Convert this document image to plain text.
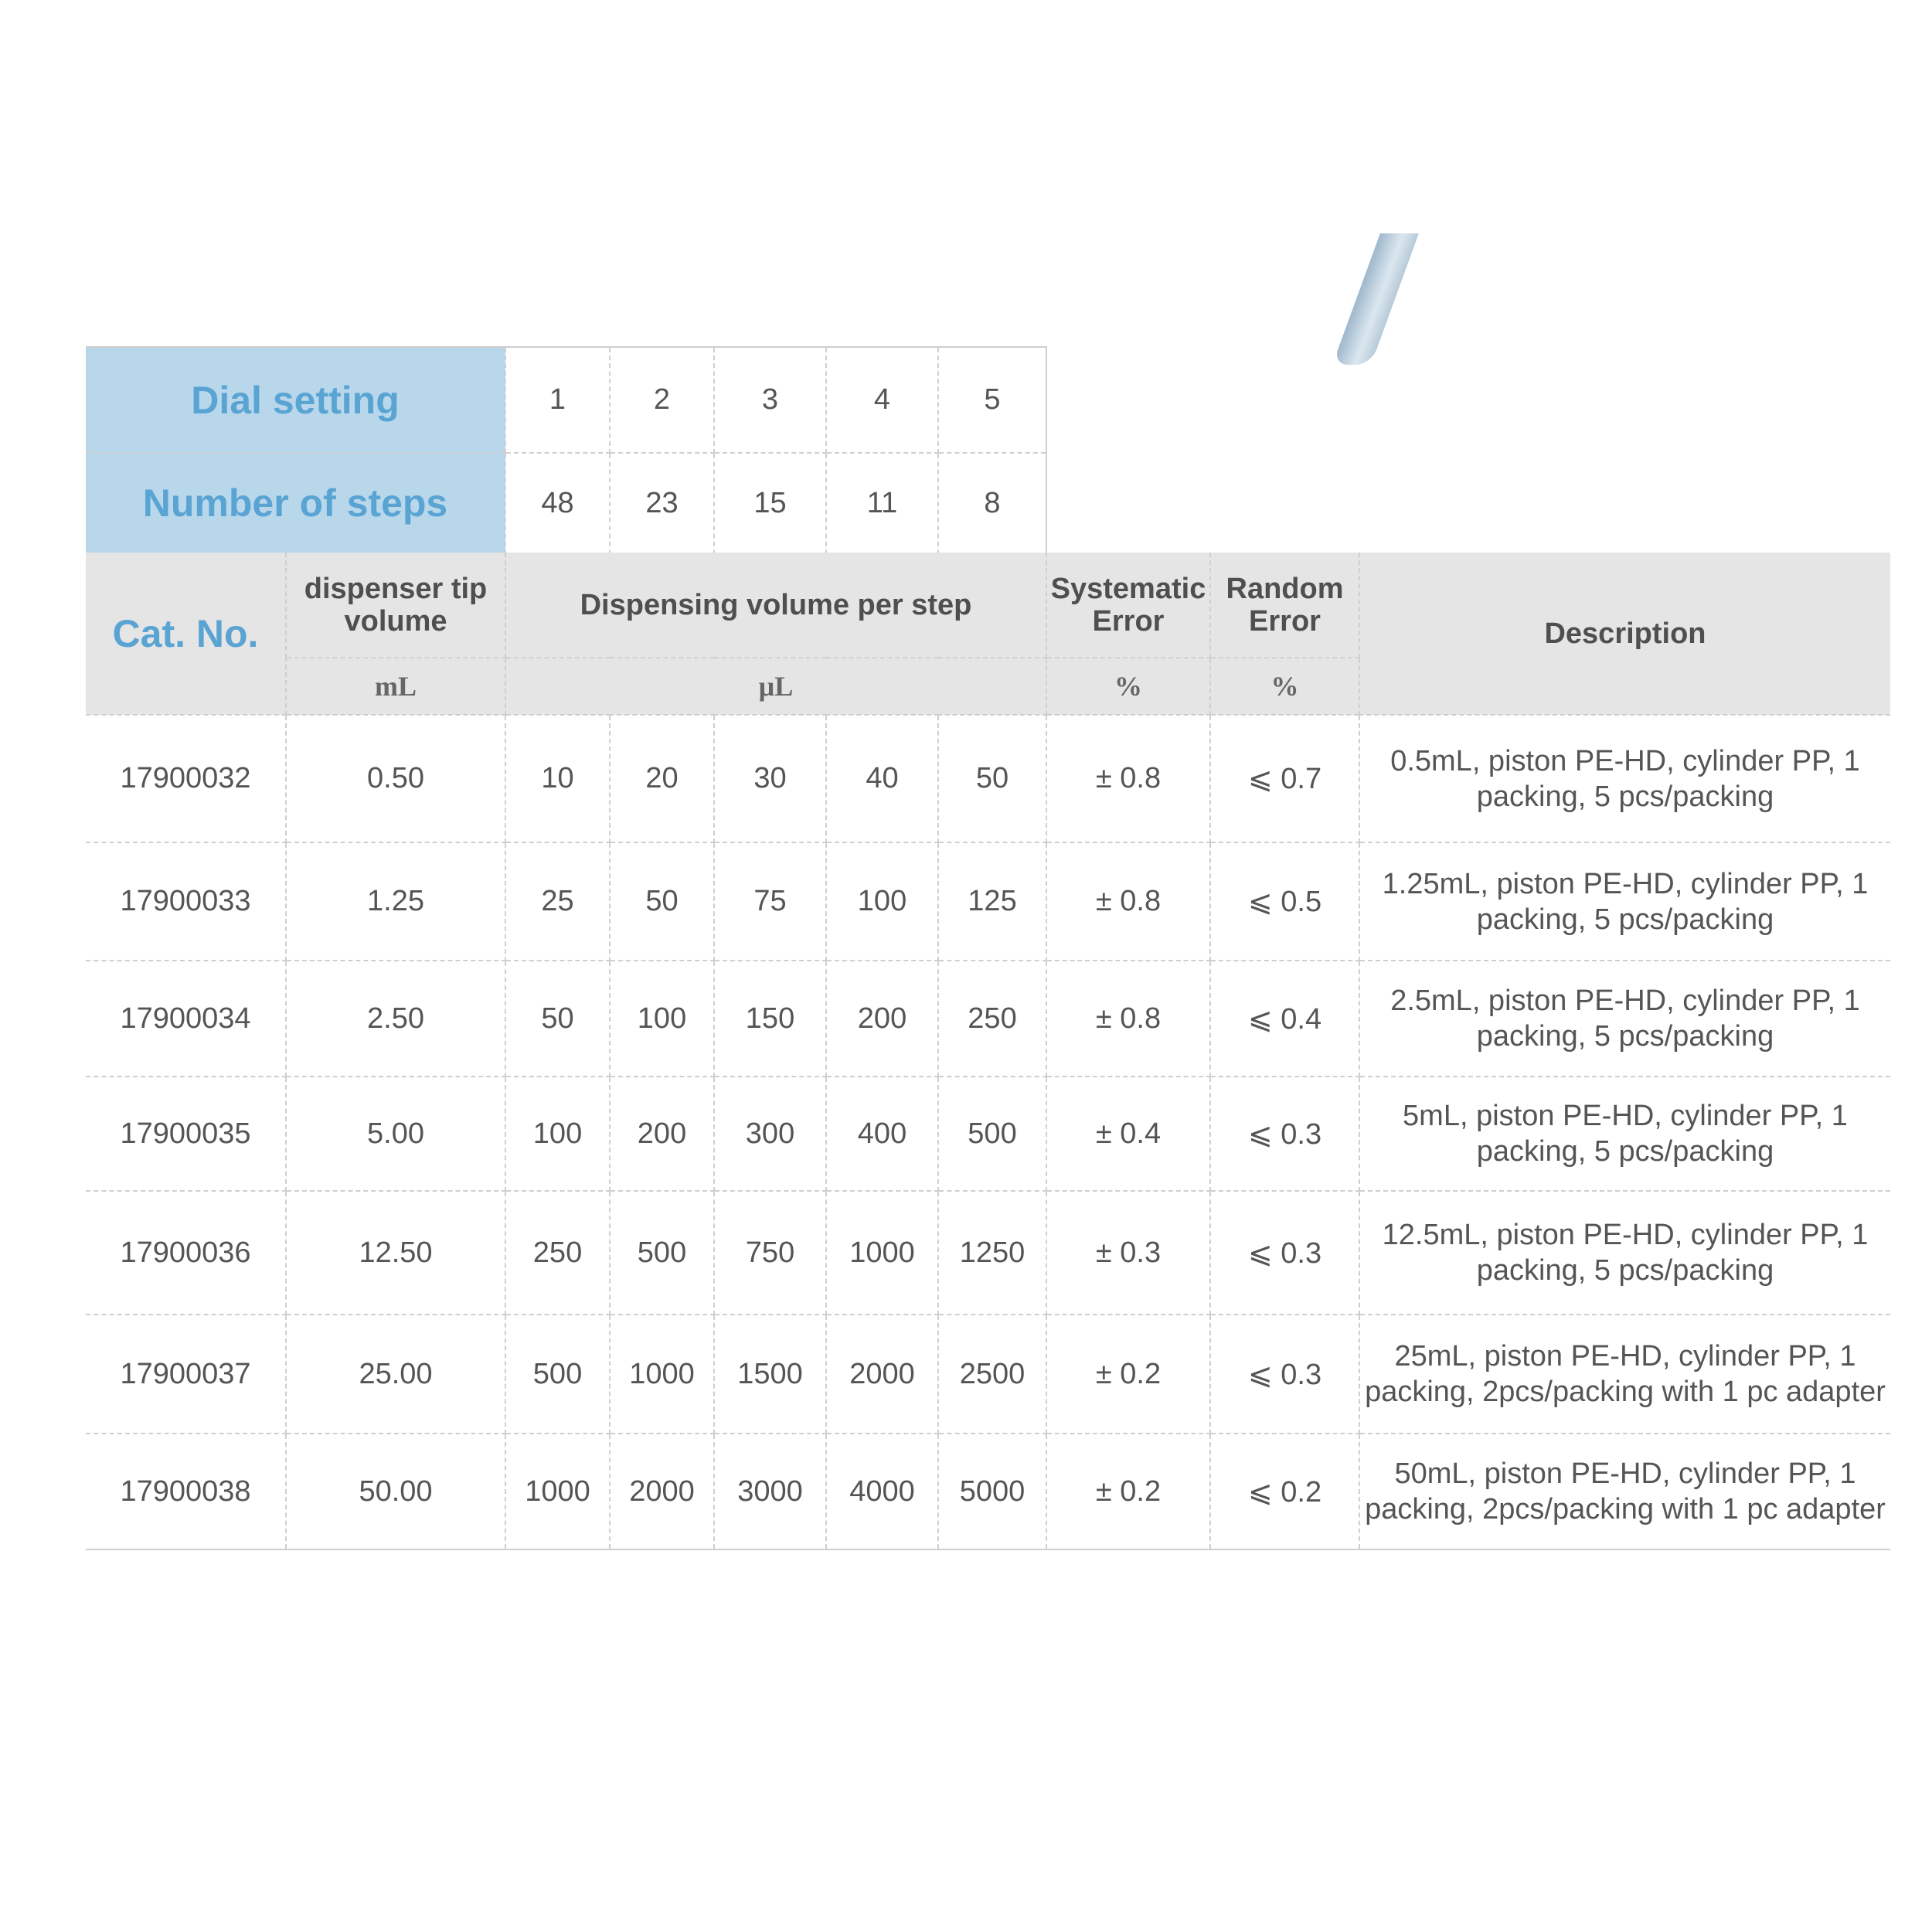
Dial setting	1	2	3	4	5
Number of steps	48	23	15	11	8
Cat. No.	dispenser tip volume	Dispensing volume per step					Systematic Error	Random Error	Description
	mL	μL					%	%	
17900032	0.50	10	20	30	40	50	± 0.8	⩽ 0.7	0.5mL, piston PE-HD, cylinder PP, 1 packing, 5 pcs/packing
17900033	1.25	25	50	75	100	125	± 0.8	⩽ 0.5	1.25mL, piston PE-HD, cylinder PP, 1 packing, 5 pcs/packing
17900034	2.50	50	100	150	200	250	± 0.8	⩽ 0.4	2.5mL, piston PE-HD, cylinder PP, 1 packing, 5 pcs/packing
17900035	5.00	100	200	300	400	500	± 0.4	⩽ 0.3	5mL, piston PE-HD, cylinder PP, 1 packing, 5 pcs/packing
17900036	12.50	250	500	750	1000	1250	± 0.3	⩽ 0.3	12.5mL, piston PE-HD, cylinder PP, 1 packing, 5 pcs/packing
17900037	25.00	500	1000	1500	2000	2500	± 0.2	⩽ 0.3	25mL, piston PE-HD, cylinder PP, 1 packing, 2pcs/packing with 1 pc adapter
17900038	50.00	1000	2000	3000	4000	5000	± 0.2	⩽ 0.2	50mL, piston PE-HD, cylinder PP, 1 packing, 2pcs/packing with 1 pc adapter
